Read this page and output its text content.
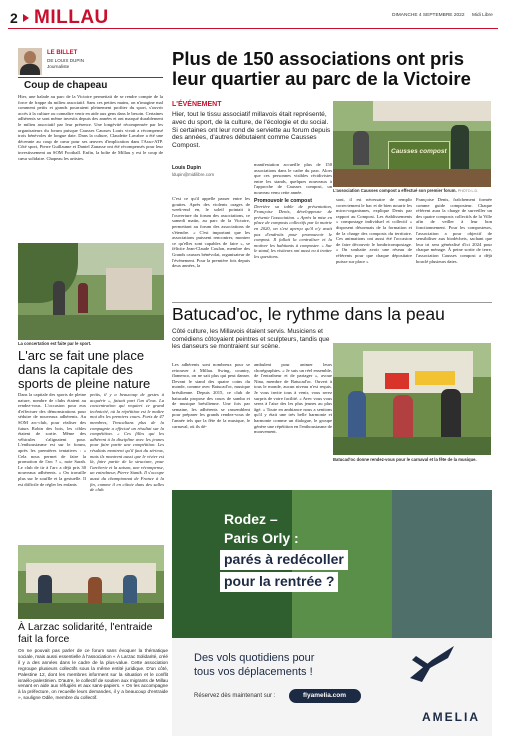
2 MILLAU	DIMANCHE 4 SEPTEMBRE 2022 Midi Libre
LE BILLET
DE LOUIS DUPIN
Journaliste
Coup de chapeau
Hier, une balade au parc de la Victoire permettait de se rendre compte de la force de frappe du milieu associatif. Sans ces petites mains, on n'imagine mal comment petits et grands pourraient pleinement profiter du sport, s'ouvrir accès à la culture ou connaître venir en aide aux gens dans le besoin. Certaines adhérents se sont même investis depuis des années et ont marqué durablement le milieu associatif par leur présence. Une longévité récompensée par les organisateurs du forum puisque Causses Causses Louis vivait a récompensé trois bénévoles de longue date. Dans la culture, Claudette Lavabre a été une décennie au coup de cœur pour ses œuvres d'implication dans l'Asso-ATP. Côté sport, Pierre Guillaume et Daniel Zanasse ont été récompensés pour leur investissement au SOM Football. Enfin, la boîte de Millau y est le coup de cœur solidaire. Chapeau les artistes.
La concertation est faite par le sport.
L'arc se fait une place dans la capitale des sports de pleine nature
Dans la capitale des sports de pleine nature, nombre de clubs étaient au rendez-vous. L'occasion pour eux d'effectuer des démonstrations pour séduire de nouveaux adhérents. Au SOM arc-club, pour réaliser des futurs Robin des bois, les cibles étaient de sortie. Même des véhicules s'alignaient pour. L'enthousiasme est sur le forum, après les premières tentatives : « Cela nous permet de faire la promotion de l'arc ? », note Sarah. Le club de tir à l'arc a déjà pris 30 nouveaux adhérents. « On travaille plus sur le souffle et la gestuelle. Il est difficile de régler les enfants
petits, il y a beaucoup de gestes à acquérir », faisait part l'un d'eux. La concentration qui requiert ce grand technicité, où la répétition est le maître mot dès les premiers cours. Forts de 47 membres, Trescalians plus de la compagnie a effectué un résultat sur la compétition. « Ces filles qui les adhèrent à la discipline avec les jeunes pour faire partir une compétition. Les résultats montrent qu'il faut du sérieux, mais ils montrent aussi que le vivier est là, faire partie de la structure, pour l'archerie et la saison, une récompense, un entraîneur, Pierre Stanik. Il s'occupe aussi du championnat de France à la fin, comme il en côtoie dans des salles de club.
À Larzac solidarité, l'entraide fait la force
On ne pouvait pas parler de ce forum sans évoquer la thématique sociale, mais aussi essentielle à l'association « À Larzac Solidarité, créé il y a des années dans le cadre de la plus-value. Cette association regroupe plusieurs collectifs sous la même entité juridique. D'un côté, Palestine 12, dont les membres informent sur la situation et le conflit israélo-palestinien. D'autre, le collectif de soutien aux migrants de Millau venant en aide aux réfugiés et aux sans-papiers. « On les accompagne à la préfecture, on recueille leurs demandes, il y a beaucoup d'entraide », souligne Odile, membre du collectif.
Plus de 150 associations ont pris leur quartier au parc de la Victoire
L'ÉVÉNEMENT
Hier, tout le tissu associatif millavois était représenté, avec du sport, de la culture, de l'écologie et du social. Si certaines ont leur rond de serviette au forum depuis des années, d'autres débutaient comme Causses Compost.
Louis Dupin
ldupin@midilibre.com
Causses compost
L'association Causses compost a effectué son premier forum. PHOTO L.D.
C'est ce qu'il appelle passer entre les gouttes. Après des violents orages de week-end en, le soleil pointait à l'ouverture du forum des associations, ce samedi matin, au parc de la Victoire, permettant au forum des associations de s'étendre. « C'est important que les associations puissent rencontrer, montrer ce qu'elles sont capables de faire », se félicite Jean-Claude Coulon, membre des Grands causses bénévolat, organisateur de l'événement. Pour la première fois depuis deux années, la
manifestation accueille plus de 150 associations dans le cadre du parc. Alors que ces personnes visibles récidivistes entre les stands, quelques nouveaux à l'approche de Causses compost, un nouveau venu cette année.
Promouvoir le compost
Derrière sa table de présentation, Françoise Denis, développeuse de présente l'association. « Après la mise en place de composts collectifs par la mairie en 2020, on s'est aperçu qu'il n'y avait pas d'endroits pour promouvoir le compost. Il fallait la centraliser et la motiver les habitants à composter. » Sur le stand, les visiteurs ont aussi eu à traiter les questions.
sont, il est nécessaire de remplir correctement le bac et de bien nourrir les micro-organismes, explique Denis par rapport au Compost. Les établissements « compostage individuel et collectif » disposent désormais de la formation et de la charge des composts du territoire. Ces animations ont aussi été l'occasion de faire découvrir le lombricompostage. « On souhaite avoir une réseau de référents pour que chaque dépositaire puisse sur place »
Françoise Denis, fraîchement formée comme guide composteur. Chaque référent aura la charge de surveiller un des quatre composts collectifs de la Ville afin de veiller à leur bon fonctionnement. Pour les composteurs, l'association a pour objectif de sensibiliser aux biodéchets, sachant que leur tri sera généralisé d'ici 2024 pour chaque ménage. À peine sortie de terre, l'association Causses compost a déjà bouclé plusieurs dates.
Batucad'oc, le rythme dans la peau
Côté culture, les Millavois étaient servis. Musiciens et comédiens côtoyaient peintres et sculpteurs, tandis que les danseurs se montraient sur scène.
Les adhérents sont nombreux pour se retrouver à Millau. Swing, country, flamenco, on ne sait plus qui peut danser. Devant le stand des quatre coins du monde, comme avec Batucad'oc, musique brésilienne. Depuis 2015, ce club de batucada propose des cours de samba et de musique brésilienne. Une fois par semaine, les adhérents se rassemblent pour préparer les grands rendez-vous de l'année tels que la fête de la musique, le carnaval, où ils dé-
ambulent pour animer leurs chorégraphies. « Je suis un réel ensemble, de l'entraîneur et de partager », avoue Nina, membre de Batucad'oc. Ouvert à tous le monde, aucun niveau n'est requis. Je vous invite tous à venir, vous serez surpris de votre facilité. « Avec vous vous serez à l'aise des les plus jeunes au plus âgé. « Toute en ambiance nous a sentions qu'il y était une très belle harmonie et harmonie comme un dialogue, le groupe génère une répétition en l'enthousiasme de mouvement.
Batucad'oc donne rendez-vous pour le carnaval et la fête de la musique.
Rodez –
Paris Orly :
parés à redécoller
pour la rentrée ?
Des vols quotidiens pour
tous vos déplacements !
Réservez dès maintenant sur :	flyamelia.com
AMELIA
